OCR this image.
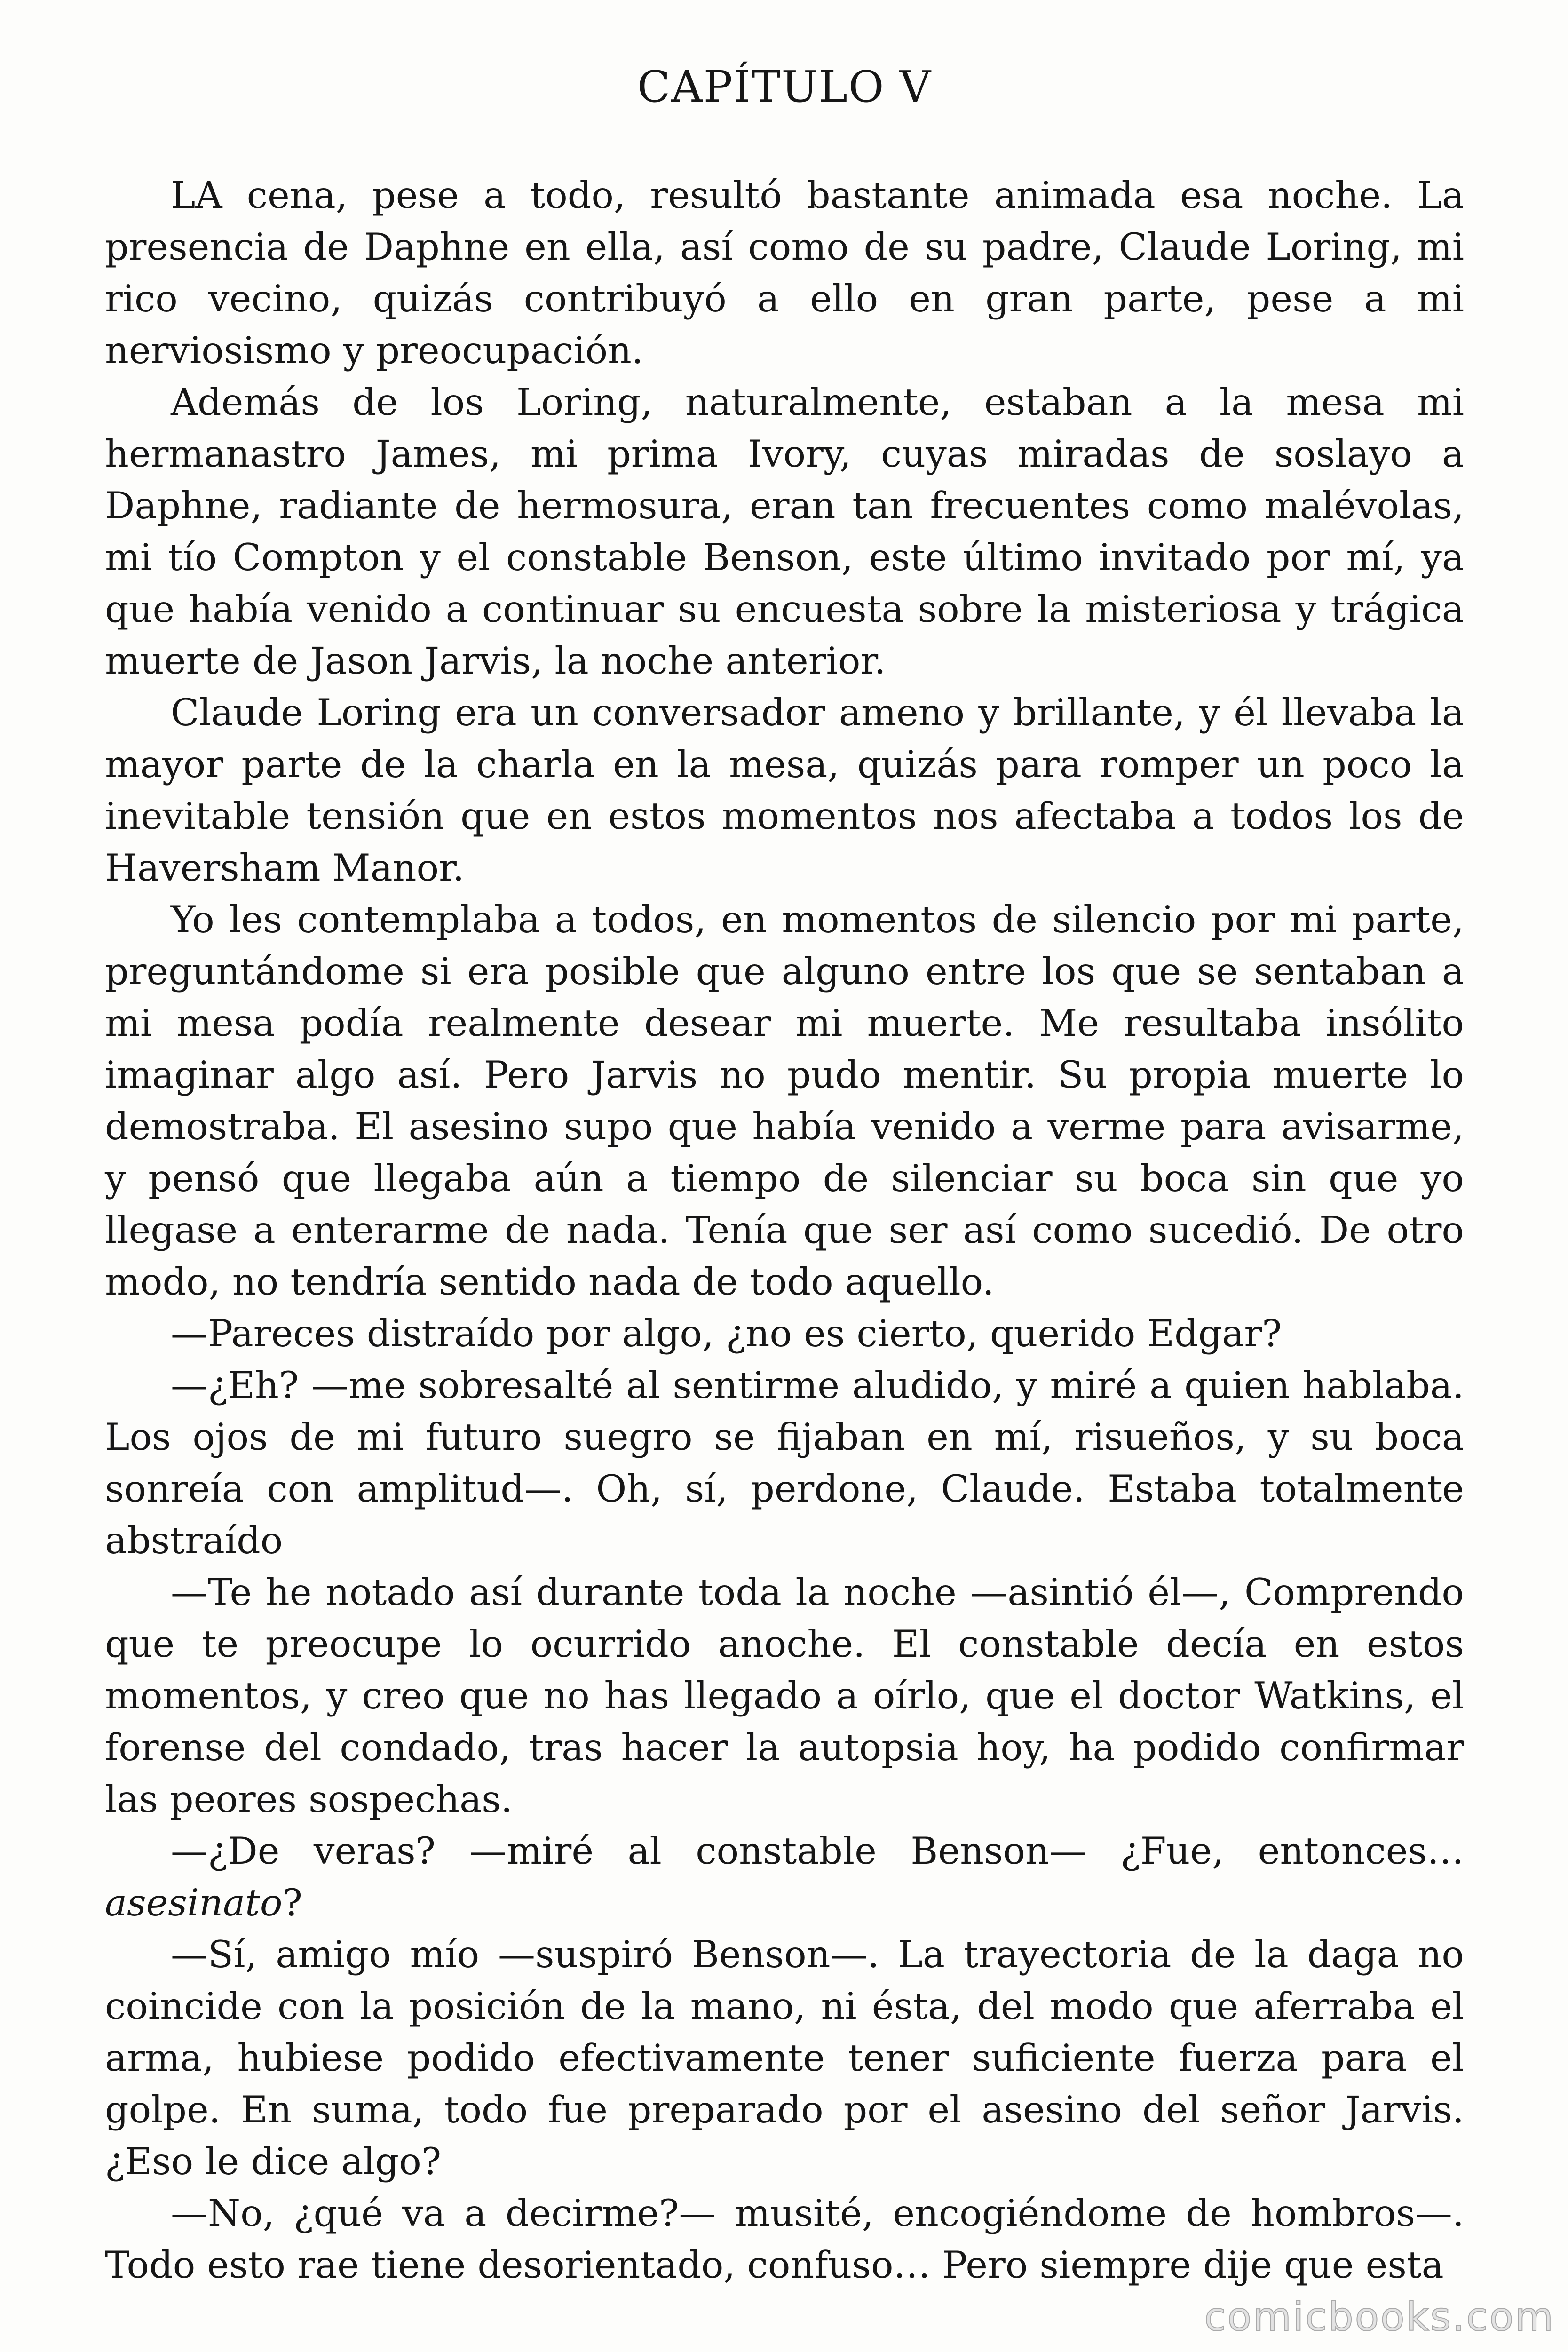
CAPÍTULO V

LA cena, pese a todo, resultó bastante animada esa noche. La presencia de Daphne en ella, así como de su padre, Claude Loring, mi rico vecino, quizás contribuyó a ello en gran parte, pese a mi nerviosismo y preocupación.

Además de los Loring, naturalmente, estaban a la mesa mi hermanastro James, mi prima Ivory, cuyas miradas de soslayo a Daphne, radiante de hermosura, eran tan frecuentes como malévolas, mi tío Compton y el constable Benson, este último invitado por mí, ya que había venido a continuar su encuesta sobre la misteriosa y trágica muerte de Jason Jarvis, la noche anterior.

Claude Loring era un conversador ameno y brillante, y él llevaba la mayor parte de la charla en la mesa, quizás para romper un poco la inevitable tensión que en estos momentos nos afectaba a todos los de Haversham Manor.

Yo les contemplaba a todos, en momentos de silencio por mi parte, preguntándome si era posible que alguno entre los que se sentaban a mi mesa podía realmente desear mi muerte. Me resultaba insólito imaginar algo así. Pero Jarvis no pudo mentir. Su propia muerte lo demostraba. El asesino supo que había venido a verme para avisarme, y pensó que llegaba aún a tiempo de silenciar su boca sin que yo llegase a enterarme de nada. Tenía que ser así como sucedió. De otro modo, no tendría sentido nada de todo aquello.

—Pareces distraído por algo, ¿no es cierto, querido Edgar?

—¿Eh? —me sobresalté al sentirme aludido, y miré a quien hablaba. Los ojos de mi futuro suegro se fijaban en mí, risueños, y su boca sonreía con amplitud—. Oh, sí, perdone, Claude. Estaba totalmente abstraído

—Te he notado así durante toda la noche —asintió él—, Comprendo que te preocupe lo ocurrido anoche. El constable decía en estos momentos, y creo que no has llegado a oírlo, que el doctor Watkins, el forense del condado, tras hacer la autopsia hoy, ha podido confirmar las peores sospechas.

—¿De veras? —miré al constable Benson— ¿Fue, entonces… asesinato?

—Sí, amigo mío —suspiró Benson—. La trayectoria de la daga no coincide con la posición de la mano, ni ésta, del modo que aferraba el arma, hubiese podido efectivamente tener suficiente fuerza para el golpe. En suma, todo fue preparado por el asesino del señor Jarvis. ¿Eso le dice algo?

—No, ¿qué va a decirme?— musité, encogiéndome de hombros—. Todo esto rae tiene desorientado, confuso… Pero siempre dije que esta

comicbooks.com
